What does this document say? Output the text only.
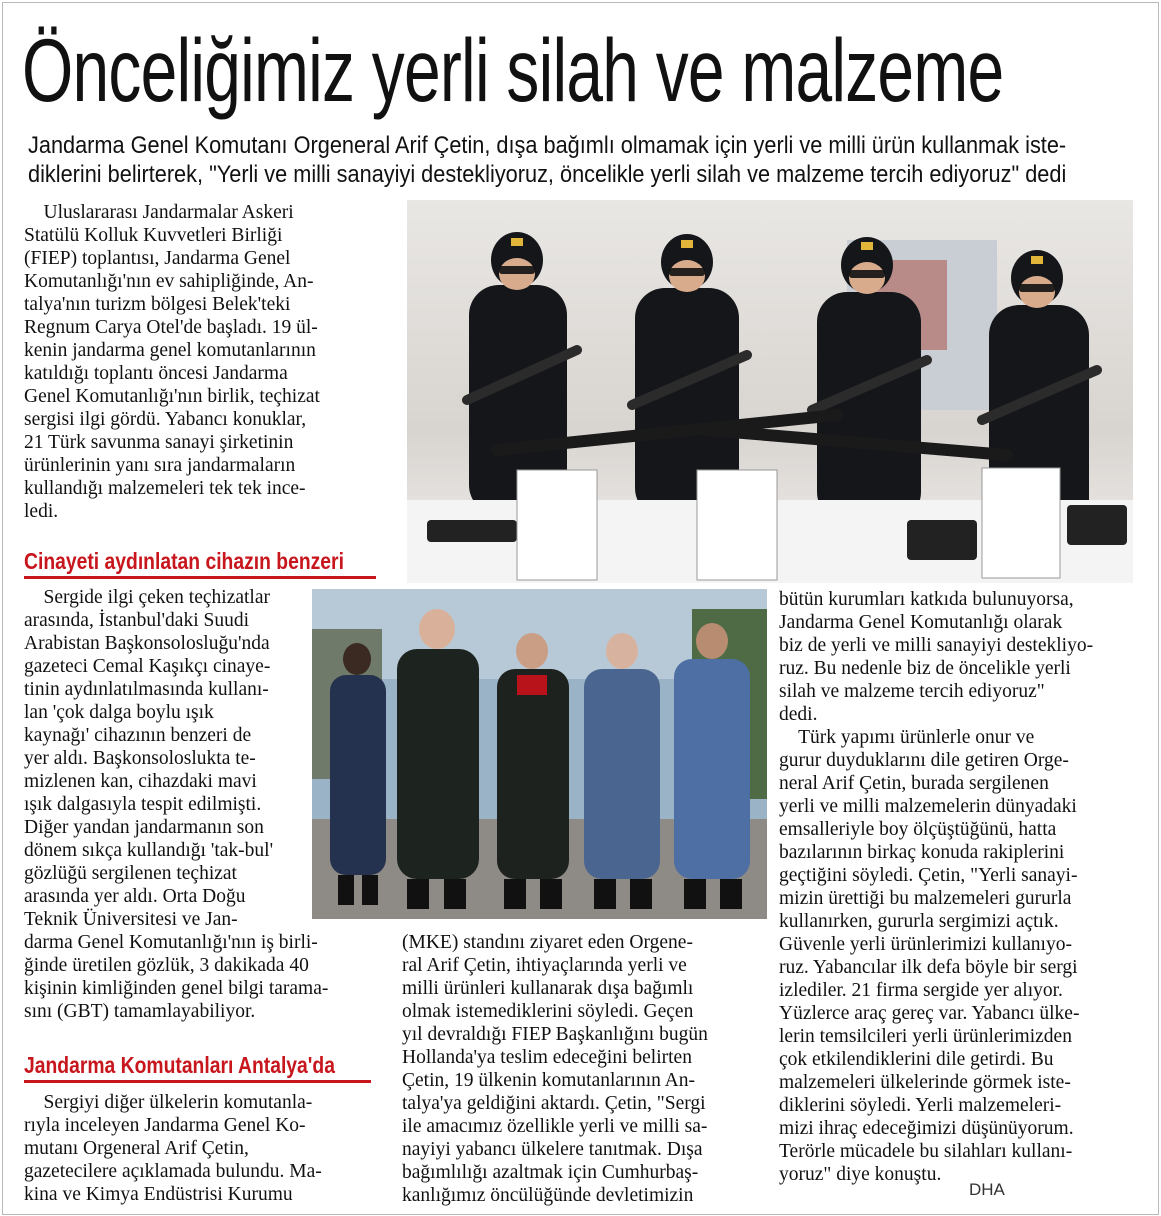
Önceliğimiz yerli silah ve malzeme

Jandarma Genel Komutanı Orgeneral Arif Çetin, dışa bağımlı olmamak için yerli ve milli ürün kullanmak iste-
diklerini belirterek, "Yerli ve milli sanayiyi destekliyoruz, öncelikle yerli silah ve malzeme tercih ediyoruz" dedi

Uluslararası Jandarmalar Askeri
Statülü Kolluk Kuvvetleri Birliği
(FIEP) toplantısı, Jandarma Genel
Komutanlığı'nın ev sahipliğinde, An-
talya'nın turizm bölgesi Belek'teki
Regnum Carya Otel'de başladı. 19 ül-
kenin jandarma genel komutanlarının
katıldığı toplantı öncesi Jandarma
Genel Komutanlığı'nın birlik, teçhizat
sergisi ilgi gördü. Yabancı konuklar,
21 Türk savunma sanayi şirketinin
ürünlerinin yanı sıra jandarmaların
kullandığı malzemeleri tek tek ince-
ledi.

Cinayeti aydınlatan cihazın benzeri

Sergide ilgi çeken teçhizatlar
arasında, İstanbul'daki Suudi
Arabistan Başkonsolosluğu'nda
gazeteci Cemal Kaşıkçı cinaye-
tinin aydınlatılmasında kullanı-
lan 'çok dalga boylu ışık
kaynağı' cihazının benzeri de
yer aldı. Başkonsoloslukta te-
mizlenen kan, cihazdaki mavi
ışık dalgasıyla tespit edilmişti.
Diğer yandan jandarmanın son
dönem sıkça kullandığı 'tak-bul'
gözlüğü sergilenen teçhizat
arasında yer aldı. Orta Doğu
Teknik Üniversitesi ve Jan-
darma Genel Komutanlığı'nın iş birli-
ğinde üretilen gözlük, 3 dakikada 40
kişinin kimliğinden genel bilgi tarama-
sını (GBT) tamamlayabiliyor.

Jandarma Komutanları Antalya'da

Sergiyi diğer ülkelerin komutanla-
rıyla inceleyen Jandarma Genel Ko-
mutanı Orgeneral Arif Çetin,
gazetecilere açıklamada bulundu. Ma-
kina ve Kimya Endüstrisi Kurumu

(MKE) standını ziyaret eden Orgene-
ral Arif Çetin, ihtiyaçlarında yerli ve
milli ürünleri kullanarak dışa bağımlı
olmak istemediklerini söyledi. Geçen
yıl devraldığı FIEP Başkanlığını bugün
Hollanda'ya teslim edeceğini belirten
Çetin, 19 ülkenin komutanlarının An-
talya'ya geldiğini aktardı. Çetin, "Sergi
ile amacımız özellikle yerli ve milli sa-
nayiyi yabancı ülkelere tanıtmak. Dışa
bağımlılığı azaltmak için Cumhurbaş-
kanlığımız öncülüğünde devletimizin

bütün kurumları katkıda bulunuyorsa,
Jandarma Genel Komutanlığı olarak
biz de yerli ve milli sanayiyi destekliyo-
ruz. Bu nedenle biz de öncelikle yerli
silah ve malzeme tercih ediyoruz"
dedi.
Türk yapımı ürünlerle onur ve
gurur duyduklarını dile getiren Orge-
neral Arif Çetin, burada sergilenen
yerli ve milli malzemelerin dünyadaki
emsalleriyle boy ölçüştüğünü, hatta
bazılarının birkaç konuda rakiplerini
geçtiğini söyledi. Çetin, "Yerli sanayi-
mizin ürettiği bu malzemeleri gururla
kullanırken, gururla sergimizi açtık.
Güvenle yerli ürünlerimizi kullanıyo-
ruz. Yabancılar ilk defa böyle bir sergi
izlediler. 21 firma sergide yer alıyor.
Yüzlerce araç gereç var. Yabancı ülke-
lerin temsilcileri yerli ürünlerimizden
çok etkilendiklerini dile getirdi. Bu
malzemeleri ülkelerinde görmek iste-
diklerini söyledi. Yerli malzemeleri-
mizi ihraç edeceğimizi düşünüyorum.
Terörle mücadele bu silahları kullanı-
yoruz" diye konuştu.

DHA
